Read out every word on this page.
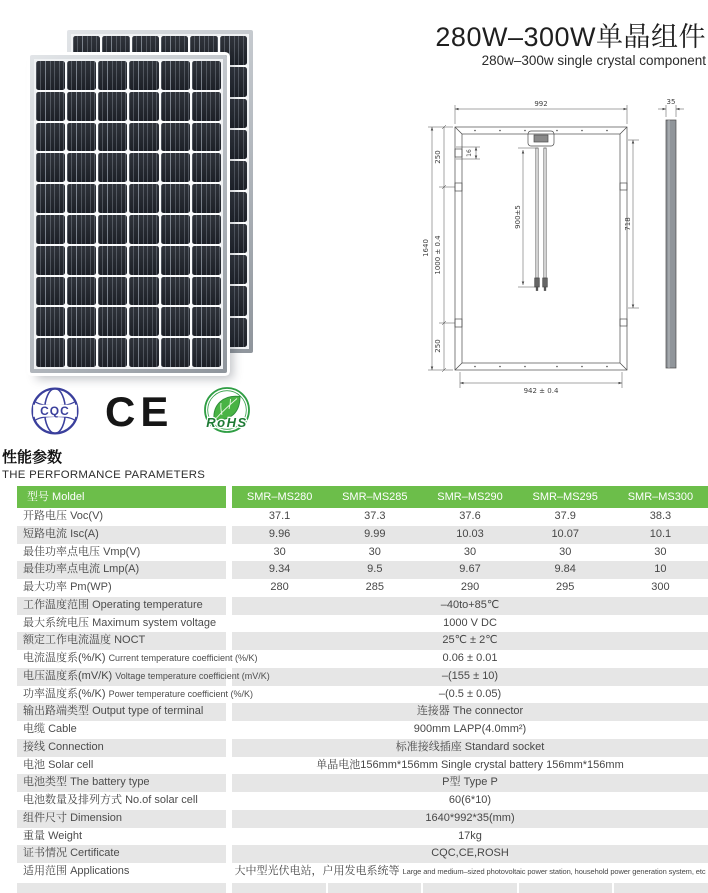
280W–300W单晶组件
280w–300w single crystal component
992	35
16
250
900±5	718
1640 1000 ± 0.4
250
942 ± 0.4
CQC CE	RoHS
性能参数
THE PERFORMANCE PARAMETERS
型号 Moldel	SMR–MS280	SMR–MS285	SMR–MS290	SMR–MS295	SMR–MS300
开路电压 Voc(V)	37.1	37.3	37.6	37.9	38.3
短路电流 Isc(A)	9.96	9.99	10.03	10.07	10.1
最佳功率点电压 Vmp(V)	30	30	30	30	30
最佳功率点电流 Lmp(A)	9.34	9.5	9.67	9.84	10
最大功率 Pm(WP)	280	285	290	295	300
工作温度范围 Operating temperature	–40to+85℃
最大系统电压 Maximum system voltage	1000 V DC
额定工作电流温度 NOCT	25℃ ± 2℃
电流温度系(%/K) Current temperature coefficient (%/K)	0.06 ± 0.01
电压温度系(mV/K) Voltage temperature coefficient (mV/K)	–(155 ± 10)
功率温度系(%/K) Power temperature coefficient (%/K)	–(0.5 ± 0.05)
输出路端类型 Output type of terminal	连接器 The connector
电缆 Cable	900mm LAPP(4.0mm²)
接线 Connection	标准接线插座 Standard socket
电池 Solar cell	单晶电池156mm*156mm Single crystal battery 156mm*156mm
电池类型 The battery type	P型 Type P
电池数量及排列方式 No.of solar cell	60(6*10)
组件尺寸 Dimension	1640*992*35(mm)
重量 Weight	17kg
证书情况 Certificate	CQC,CE,ROSH
适用范围 Applications	大中型光伏电站，户用发电系统等 Large and medium–sized photovoltaic power station, household power generation system, etc
